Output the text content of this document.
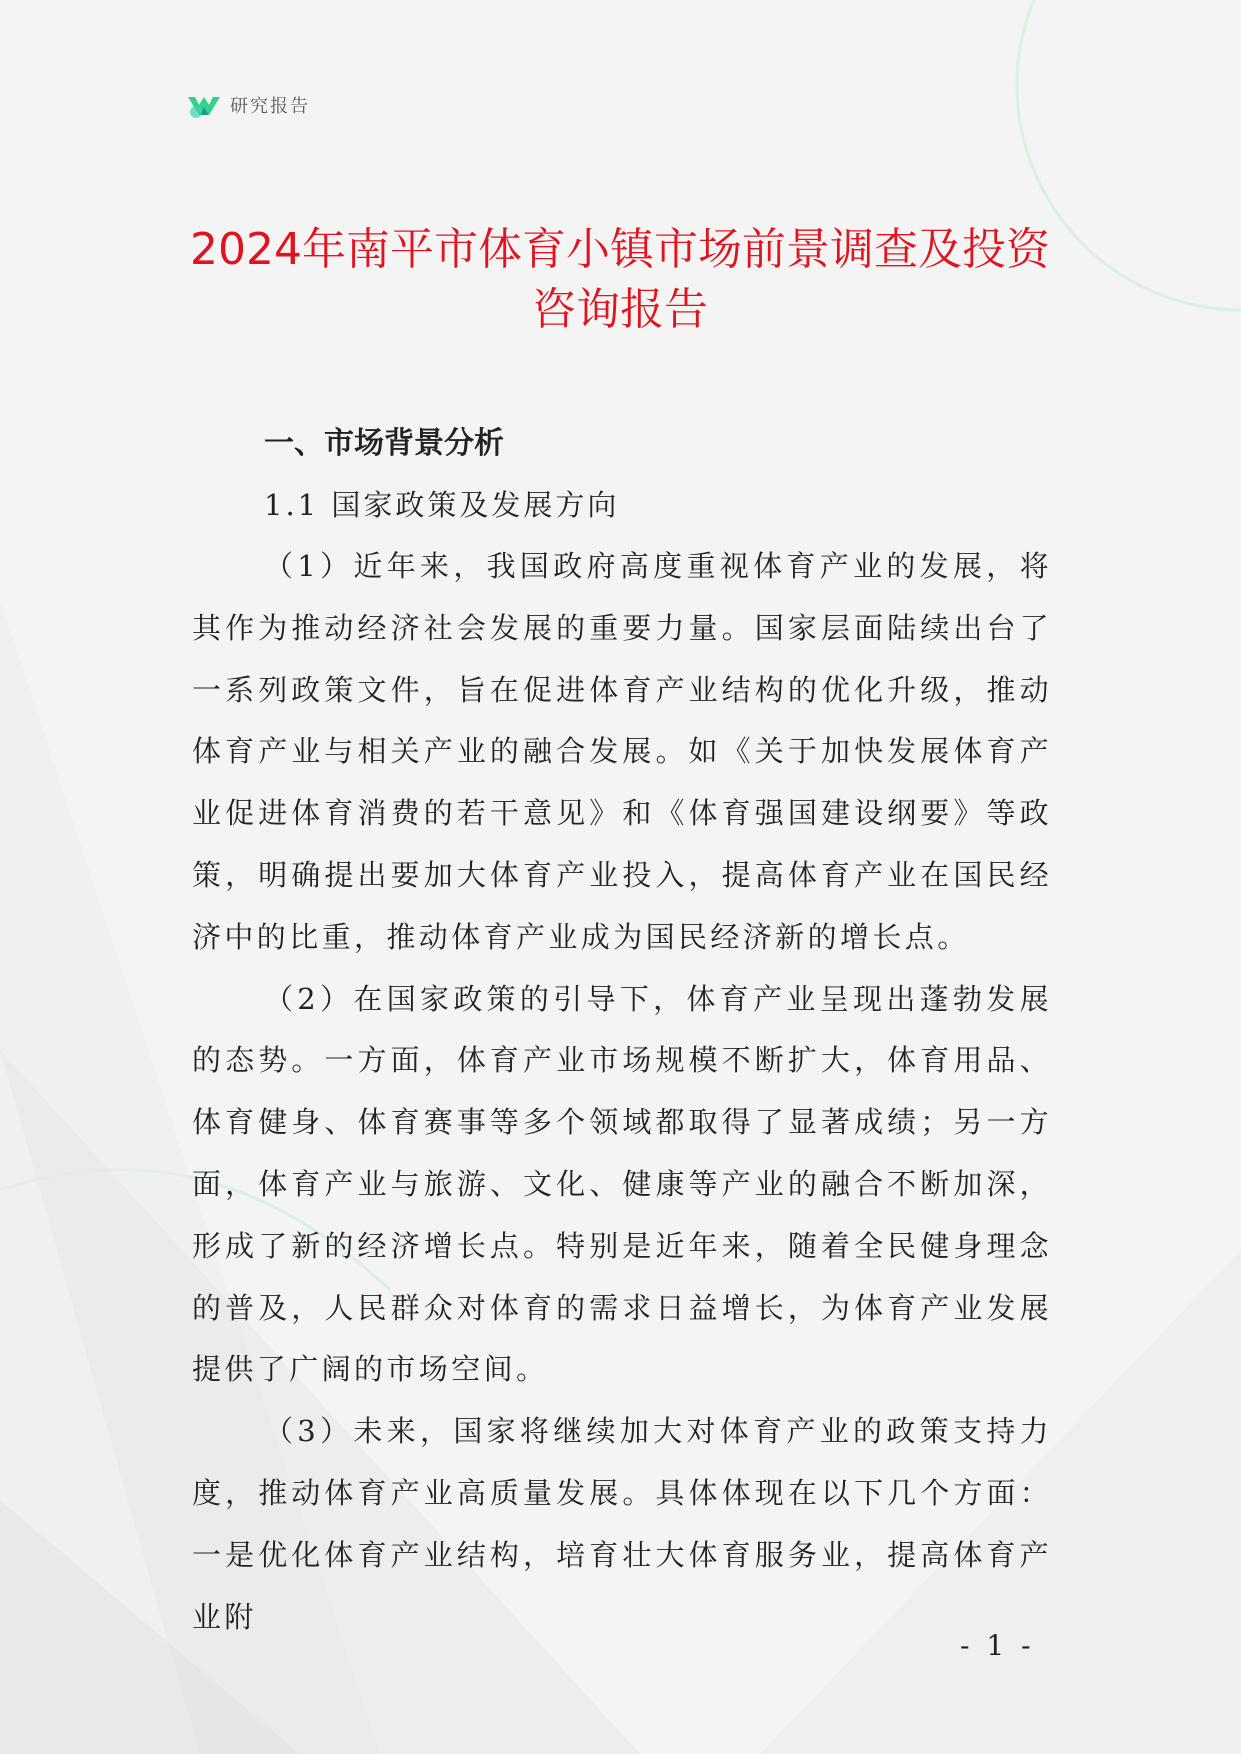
研究报告
2024年南平市体育小镇市场前景调查及投资咨询报告
一、市场背景分析
1.1 国家政策及发展方向

（1）近年来，我国政府高度重视体育产业的发展，将其作为推动经济社会发展的重要力量。国家层面陆续出台了一系列政策文件，旨在促进体育产业结构的优化升级，推动体育产业与相关产业的融合发展。如《关于加快发展体育产业促进体育消费的若干意见》和《体育强国建设纲要》等政策，明确提出要加大体育产业投入，提高体育产业在国民经济中的比重，推动体育产业成为国民经济新的增长点。

（2）在国家政策的引导下，体育产业呈现出蓬勃发展的态势。一方面，体育产业市场规模不断扩大，体育用品、体育健身、体育赛事等多个领域都取得了显著成绩；另一方面，体育产业与旅游、文化、健康等产业的融合不断加深，形成了新的经济增长点。特别是近年来，随着全民健身理念的普及，人民群众对体育的需求日益增长，为体育产业发展提供了广阔的市场空间。

（3）未来，国家将继续加大对体育产业的政策支持力度，推动体育产业高质量发展。具体体现在以下几个方面：一是优化体育产业结构，培育壮大体育服务业，提高体育产业附

- 1 -
